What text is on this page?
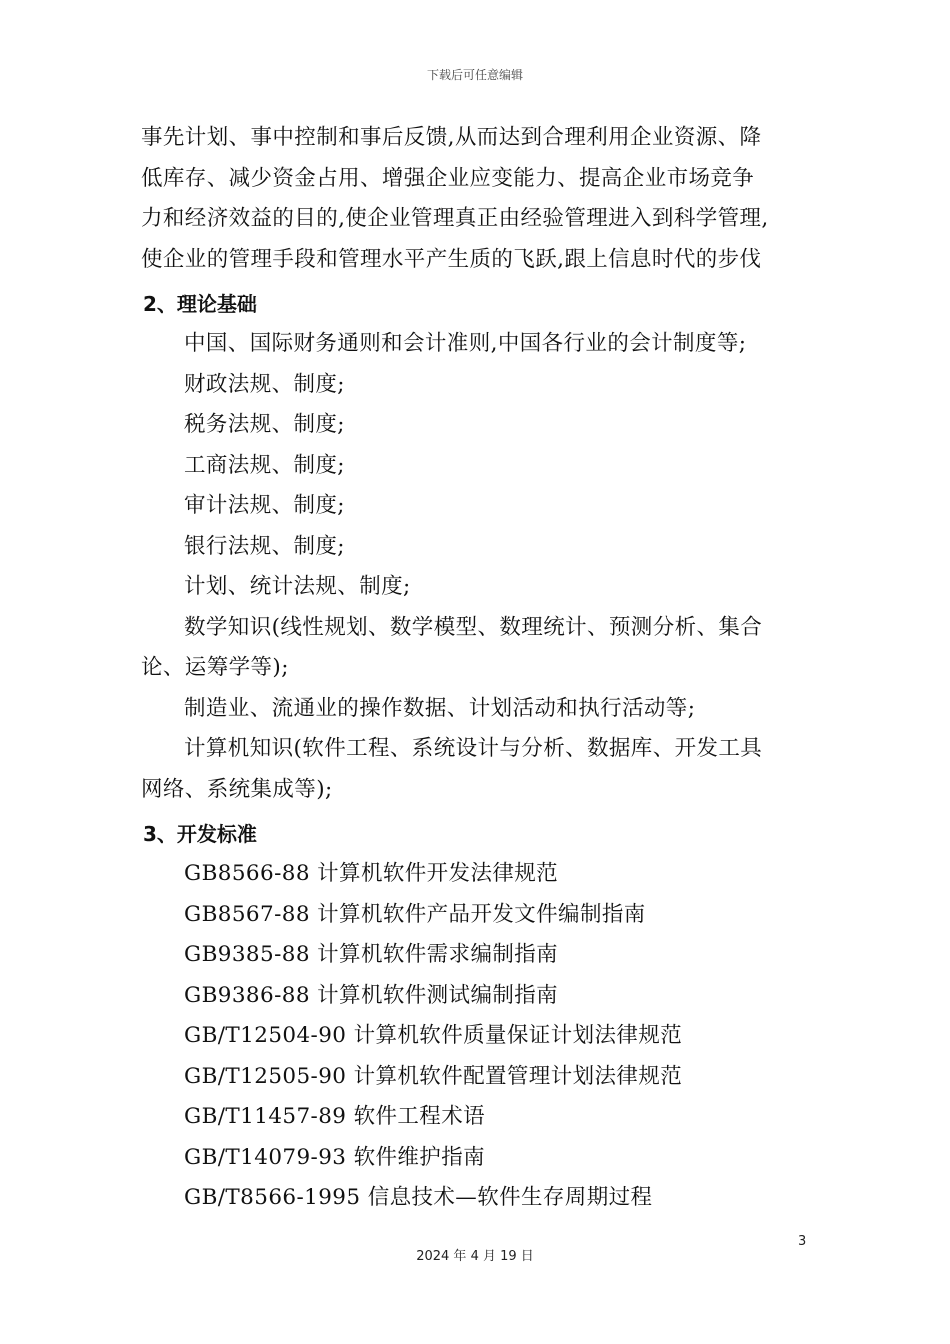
下载后可任意编辑
事先计划、事中控制和事后反馈,从而达到合理利用企业资源、降
低库存、减少资金占用、增强企业应变能力、提高企业市场竞争
力和经济效益的目的,使企业管理真正由经验管理进入到科学管理,
使企业的管理手段和管理水平产生质的飞跃,跟上信息时代的步伐
2、理论基础
中国、国际财务通则和会计准则,中国各行业的会计制度等;
财政法规、制度;
税务法规、制度;
工商法规、制度;
审计法规、制度;
银行法规、制度;
计划、统计法规、制度;
数学知识(线性规划、数学模型、数理统计、预测分析、集合
论、运筹学等);
制造业、流通业的操作数据、计划活动和执行活动等;
计算机知识(软件工程、系统设计与分析、数据库、开发工具
网络、系统集成等);
3、开发标准
GB8566-88 计算机软件开发法律规范
GB8567-88 计算机软件产品开发文件编制指南
GB9385-88 计算机软件需求编制指南
GB9386-88 计算机软件测试编制指南
GB/T12504-90 计算机软件质量保证计划法律规范
GB/T12505-90 计算机软件配置管理计划法律规范
GB/T11457-89 软件工程术语
GB/T14079-93 软件维护指南
GB/T8566-1995 信息技术—软件生存周期过程
3
2024 年 4 月 19 日
